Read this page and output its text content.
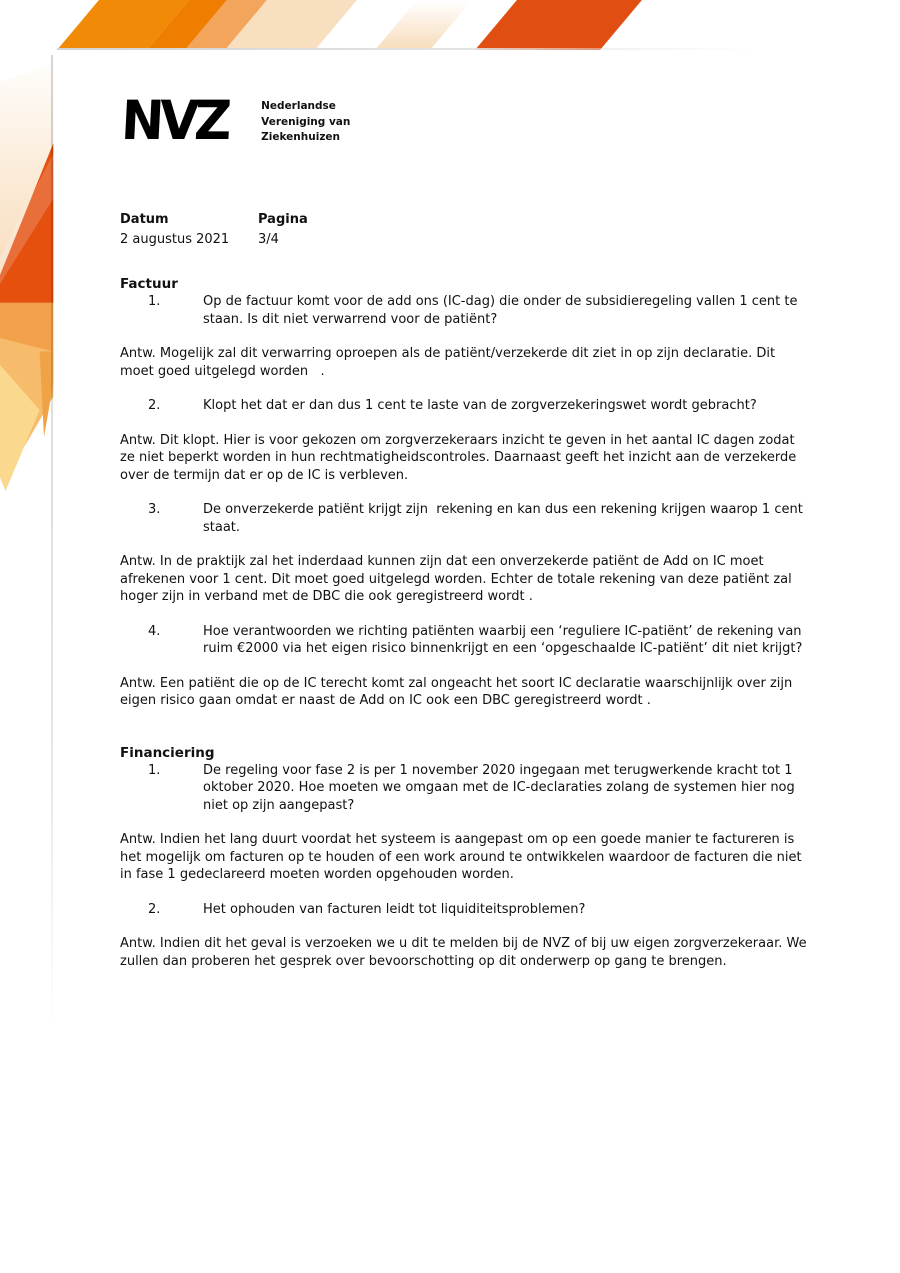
NVZ	Nederlandse
Vereniging van
Ziekenhuizen
Datum
2 augustus 2021
Pagina
3/4
Factuur
1.	Op de factuur komt voor de add ons (IC-dag) die onder de subsidieregeling vallen 1 cent te staan. Is dit niet verwarrend voor de patiënt?

Antw. Mogelijk zal dit verwarring oproepen als de patiënt/verzekerde dit ziet in op zijn declaratie. Dit moet goed uitgelegd worden   .

2.	Klopt het dat er dan dus 1 cent te laste van de zorgverzekeringswet wordt gebracht?

Antw. Dit klopt. Hier is voor gekozen om zorgverzekeraars inzicht te geven in het aantal IC dagen zodat ze niet beperkt worden in hun rechtmatigheidscontroles. Daarnaast geeft het inzicht aan de verzekerde over de termijn dat er op de IC is verbleven.

3.	De onverzekerde patiënt krijgt zijn  rekening en kan dus een rekening krijgen waarop 1 cent staat.

Antw. In de praktijk zal het inderdaad kunnen zijn dat een onverzekerde patiënt de Add on IC moet afrekenen voor 1 cent. Dit moet goed uitgelegd worden. Echter de totale rekening van deze patiënt zal hoger zijn in verband met de DBC die ook geregistreerd wordt .

4.	Hoe verantwoorden we richting patiënten waarbij een ‘reguliere IC-patiënt’ de rekening van ruim €2000 via het eigen risico binnenkrijgt en een ‘opgeschaalde IC-patiënt’ dit niet krijgt?

Antw. Een patiënt die op de IC terecht komt zal ongeacht het soort IC declaratie waarschijnlijk over zijn eigen risico gaan omdat er naast de Add on IC ook een DBC geregistreerd wordt .

Financiering
1.	De regeling voor fase 2 is per 1 november 2020 ingegaan met terugwerkende kracht tot 1 oktober 2020. Hoe moeten we omgaan met de IC-declaraties zolang de systemen hier nog niet op zijn aangepast?

Antw. Indien het lang duurt voordat het systeem is aangepast om op een goede manier te factureren is het mogelijk om facturen op te houden of een work around te ontwikkelen waardoor de facturen die niet in fase 1 gedeclareerd moeten worden opgehouden worden.

2.	Het ophouden van facturen leidt tot liquiditeitsproblemen?

Antw. Indien dit het geval is verzoeken we u dit te melden bij de NVZ of bij uw eigen zorgverzekeraar. We zullen dan proberen het gesprek over bevoorschotting op dit onderwerp op gang te brengen.
